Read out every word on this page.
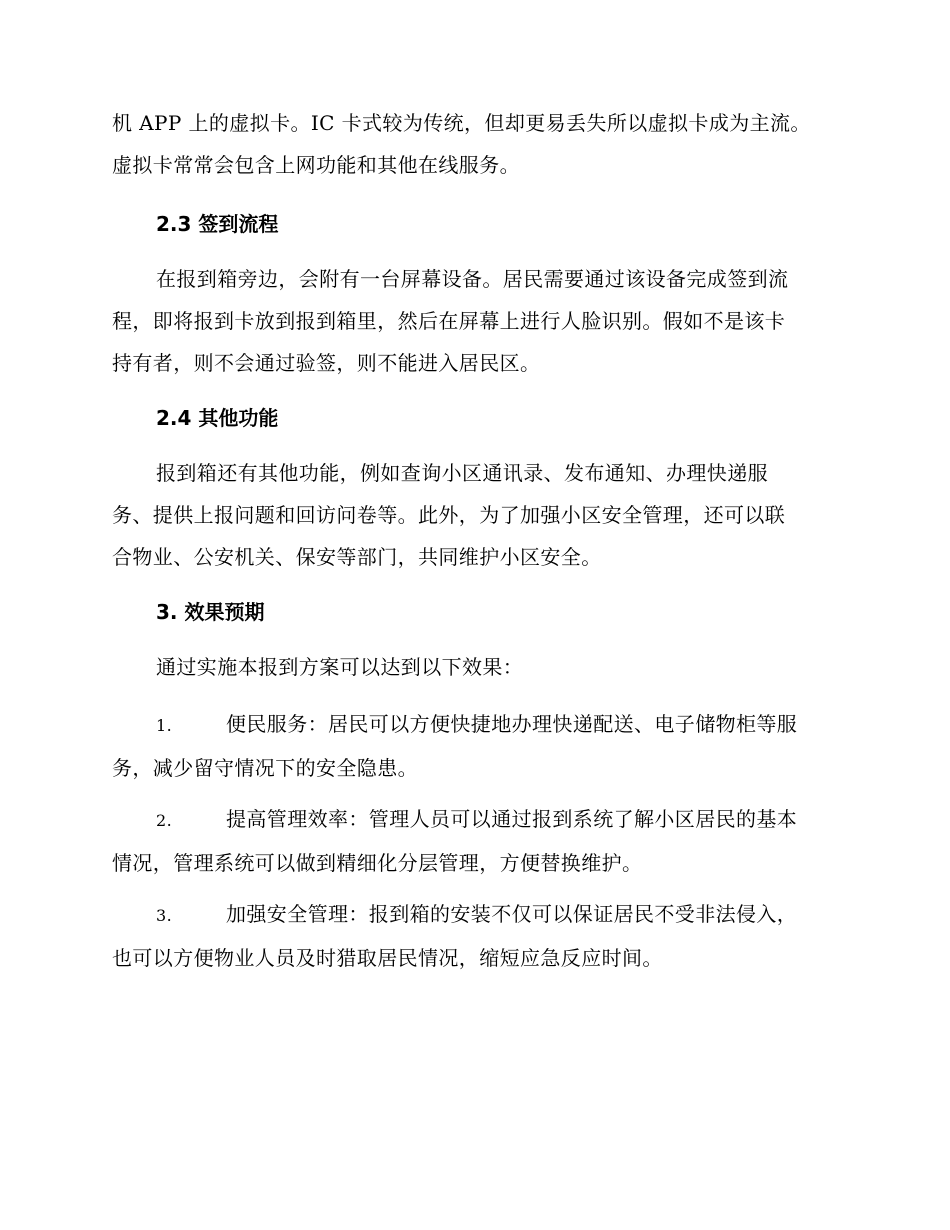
机 APP 上的虚拟卡。IC 卡式较为传统，但却更易丢失所以虚拟卡成为主流。
虚拟卡常常会包含上网功能和其他在线服务。
2.3 签到流程
在报到箱旁边，会附有一台屏幕设备。居民需要通过该设备完成签到流
程，即将报到卡放到报到箱里，然后在屏幕上进行人脸识别。假如不是该卡
持有者，则不会通过验签，则不能进入居民区。
2.4 其他功能
报到箱还有其他功能，例如查询小区通讯录、发布通知、办理快递服
务、提供上报问题和回访问卷等。此外，为了加强小区安全管理，还可以联
合物业、公安机关、保安等部门，共同维护小区安全。
3. 效果预期
通过实施本报到方案可以达到以下效果：
1.	便民服务：居民可以方便快捷地办理快递配送、电子储物柜等服
务，减少留守情况下的安全隐患。
2.	提高管理效率：管理人员可以通过报到系统了解小区居民的基本
情况，管理系统可以做到精细化分层管理，方便替换维护。
3.	加强安全管理：报到箱的安装不仅可以保证居民不受非法侵入，
也可以方便物业人员及时猎取居民情况，缩短应急反应时间。
